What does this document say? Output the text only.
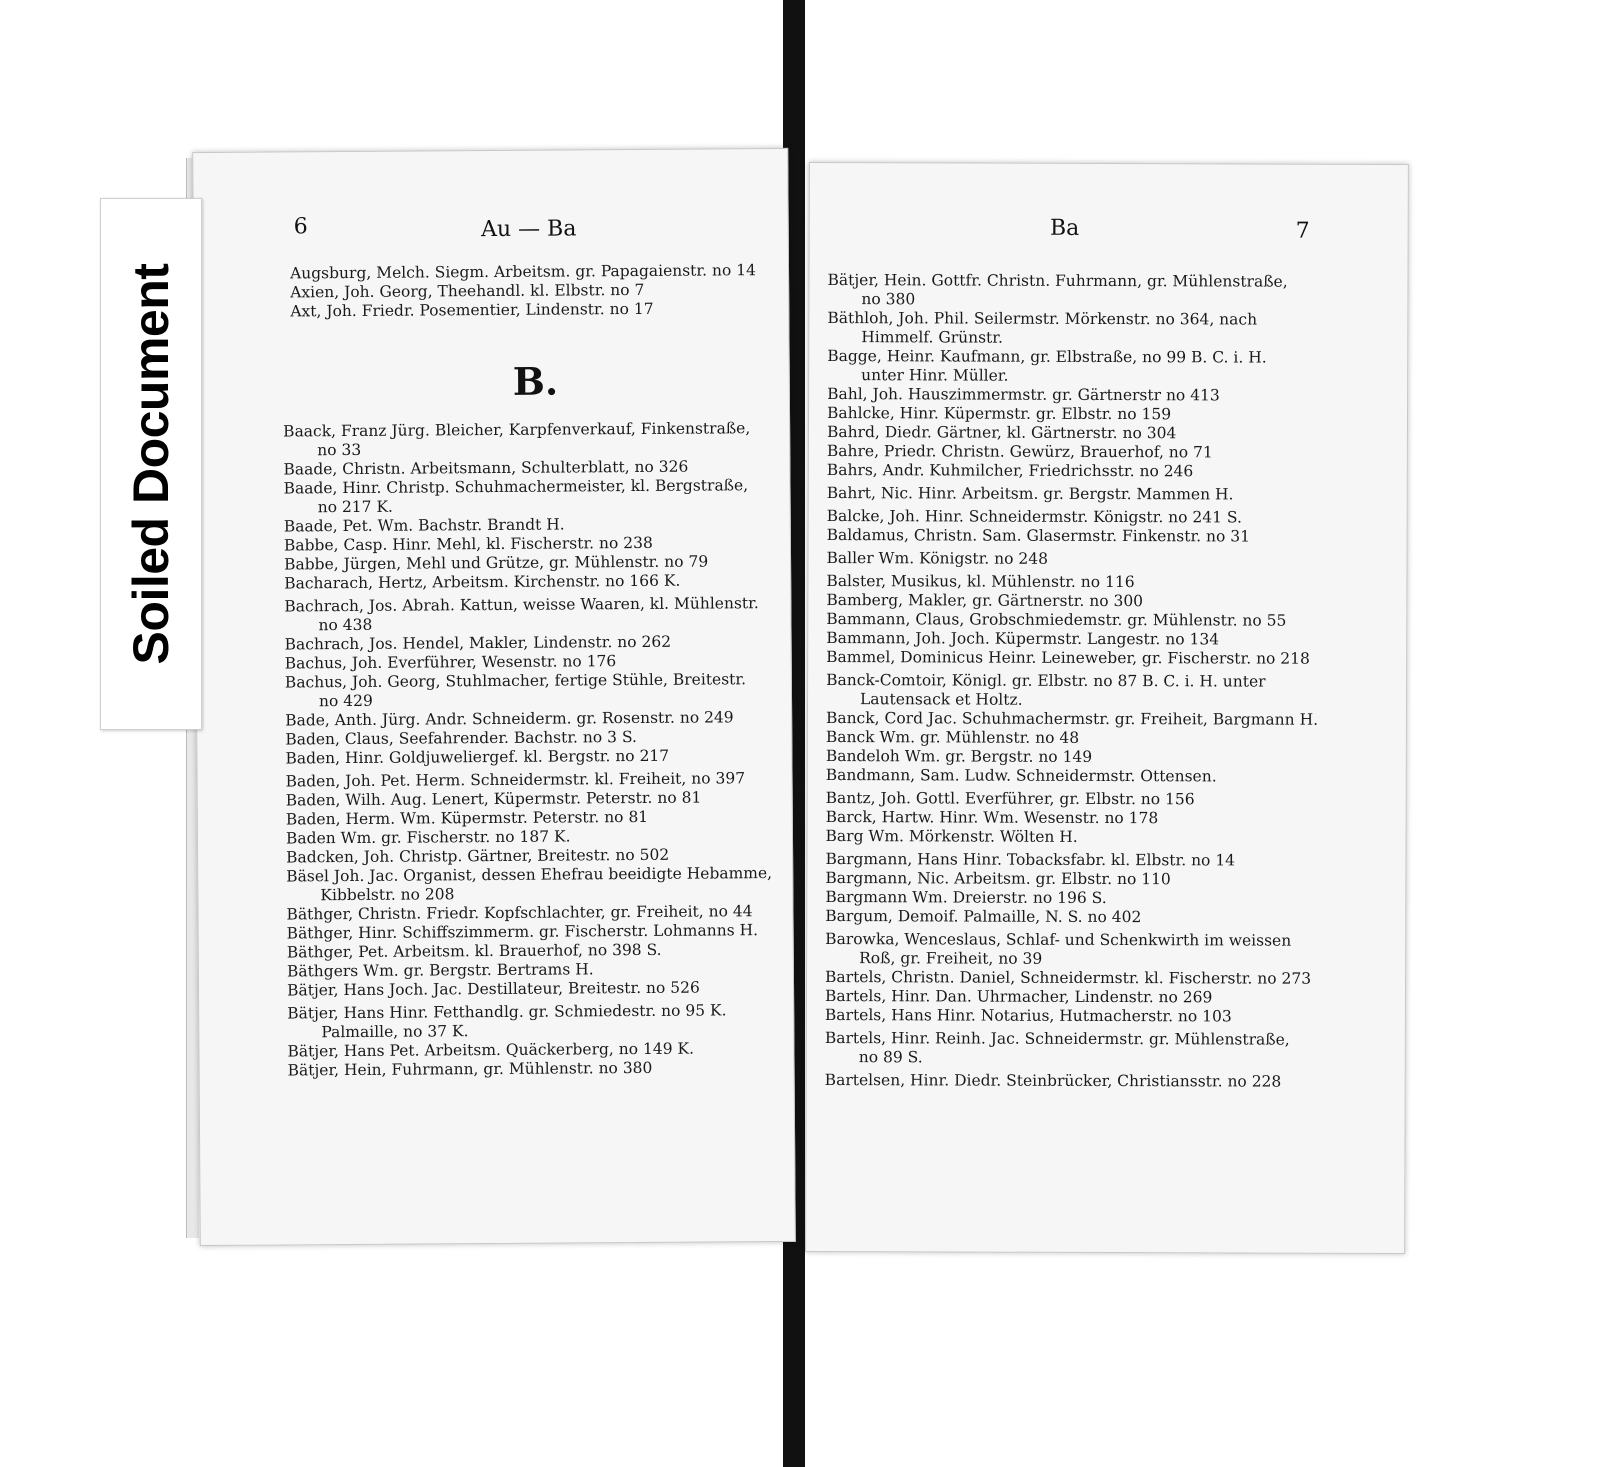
6	Au — Ba
Augsburg, Melch. Siegm. Arbeitsm. gr. Papagaienstr. no 14
Axien, Joh. Georg, Theehandl. kl. Elbstr. no 7
Axt, Joh. Friedr. Posementier, Lindenstr. no 17
B.
Baack, Franz Jürg. Bleicher, Karpfenverkauf, Finkenstraße,
no 33
Baade, Christn. Arbeitsmann, Schulterblatt, no 326
Baade, Hinr. Christp. Schuhmachermeister, kl. Bergstraße,
no 217 K.
Baade, Pet. Wm. Bachstr. Brandt H.
Babbe, Casp. Hinr. Mehl, kl. Fischerstr. no 238
Babbe, Jürgen, Mehl und Grütze, gr. Mühlenstr. no 79
Bacharach, Hertz, Arbeitsm. Kirchenstr. no 166 K.
Bachrach, Jos. Abrah. Kattun, weisse Waaren, kl. Mühlenstr.
no 438
Bachrach, Jos. Hendel, Makler, Lindenstr. no 262
Bachus, Joh. Everführer, Wesenstr. no 176
Bachus, Joh. Georg, Stuhlmacher, fertige Stühle, Breitestr.
no 429
Bade, Anth. Jürg. Andr. Schneiderm. gr. Rosenstr. no 249
Baden, Claus, Seefahrender. Bachstr. no 3 S.
Baden, Hinr. Goldjuweliergef. kl. Bergstr. no 217
Baden, Joh. Pet. Herm. Schneidermstr. kl. Freiheit, no 397
Baden, Wilh. Aug. Lenert, Küpermstr. Peterstr. no 81
Baden, Herm. Wm. Küpermstr. Peterstr. no 81
Baden Wm. gr. Fischerstr. no 187 K.
Badcken, Joh. Christp. Gärtner, Breitestr. no 502
Bäsel Joh. Jac. Organist, dessen Ehefrau beeidigte Hebamme,
Kibbelstr. no 208
Bäthger, Christn. Friedr. Kopfschlachter, gr. Freiheit, no 44
Bäthger, Hinr. Schiffszimmerm. gr. Fischerstr. Lohmanns H.
Bäthger, Pet. Arbeitsm. kl. Brauerhof, no 398 S.
Bäthgers Wm. gr. Bergstr. Bertrams H.
Bätjer, Hans Joch. Jac. Destillateur, Breitestr. no 526
Bätjer, Hans Hinr. Fetthandlg. gr. Schmiedestr. no 95 K.
Palmaille, no 37 K.
Bätjer, Hans Pet. Arbeitsm. Quäckerberg, no 149 K.
Bätjer, Hein, Fuhrmann, gr. Mühlenstr. no 380
Ba	7
Bätjer, Hein. Gottfr. Christn. Fuhrmann, gr. Mühlenstraße,
no 380
Bäthloh, Joh. Phil. Seilermstr. Mörkenstr. no 364, nach
Himmelf. Grünstr.
Bagge, Heinr. Kaufmann, gr. Elbstraße, no 99 B. C. i. H.
unter Hinr. Müller.
Bahl, Joh. Hauszimmermstr. gr. Gärtnerstr no 413
Bahlcke, Hinr. Küpermstr. gr. Elbstr. no 159
Bahrd, Diedr. Gärtner, kl. Gärtnerstr. no 304
Bahre, Priedr. Christn. Gewürz, Brauerhof, no 71
Bahrs, Andr. Kuhmilcher, Friedrichsstr. no 246
Bahrt, Nic. Hinr. Arbeitsm. gr. Bergstr. Mammen H.
Balcke, Joh. Hinr. Schneidermstr. Königstr. no 241 S.
Baldamus, Christn. Sam. Glasermstr. Finkenstr. no 31
Baller Wm. Königstr. no 248
Balster, Musikus, kl. Mühlenstr. no 116
Bamberg, Makler, gr. Gärtnerstr. no 300
Bammann, Claus, Grobschmiedemstr. gr. Mühlenstr. no 55
Bammann, Joh. Joch. Küpermstr. Langestr. no 134
Bammel, Dominicus Heinr. Leineweber, gr. Fischerstr. no 218
Banck-Comtoir, Königl. gr. Elbstr. no 87 B. C. i. H. unter
Lautensack et Holtz.
Banck, Cord Jac. Schuhmachermstr. gr. Freiheit, Bargmann H.
Banck Wm. gr. Mühlenstr. no 48
Bandeloh Wm. gr. Bergstr. no 149
Bandmann, Sam. Ludw. Schneidermstr. Ottensen.
Bantz, Joh. Gottl. Everführer, gr. Elbstr. no 156
Barck, Hartw. Hinr. Wm. Wesenstr. no 178
Barg Wm. Mörkenstr. Wölten H.
Bargmann, Hans Hinr. Tobacksfabr. kl. Elbstr. no 14
Bargmann, Nic. Arbeitsm. gr. Elbstr. no 110
Bargmann Wm. Dreierstr. no 196 S.
Bargum, Demoif. Palmaille, N. S. no 402
Barowka, Wenceslaus, Schlaf- und Schenkwirth im weissen
Roß, gr. Freiheit, no 39
Bartels, Christn. Daniel, Schneidermstr. kl. Fischerstr. no 273
Bartels, Hinr. Dan. Uhrmacher, Lindenstr. no 269
Bartels, Hans Hinr. Notarius, Hutmacherstr. no 103
Bartels, Hinr. Reinh. Jac. Schneidermstr. gr. Mühlenstraße,
no 89 S.
Bartelsen, Hinr. Diedr. Steinbrücker, Christiansstr. no 228
Soiled Document
